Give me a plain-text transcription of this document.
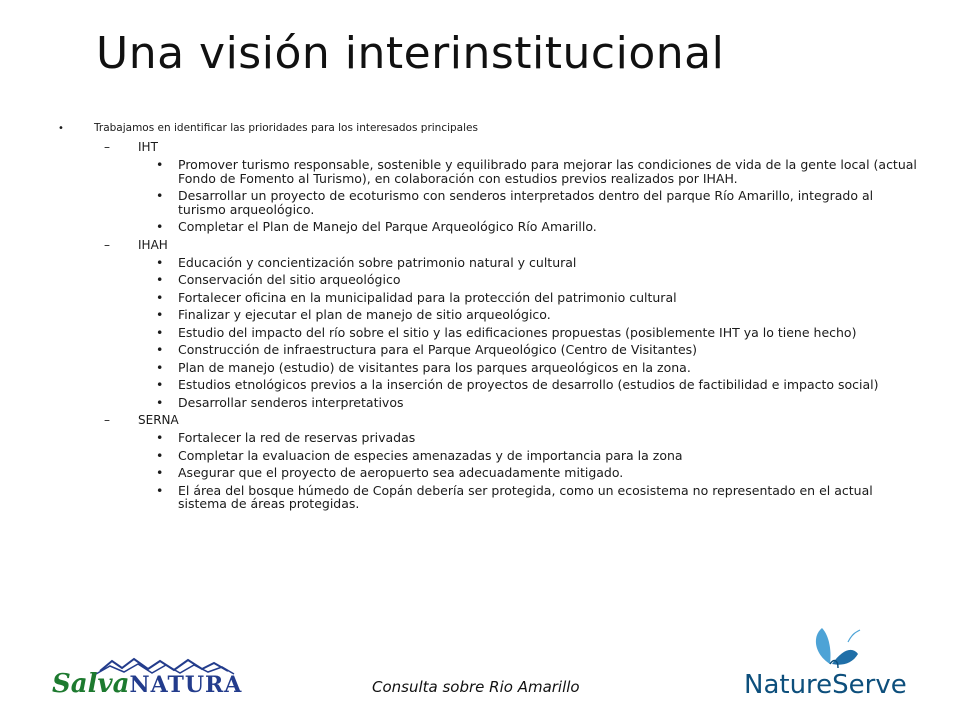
Una visión interinstitucional
•	Trabajamos en identificar las prioridades para los interesados principales
–	IHT
•	Promover turismo responsable, sostenible y equilibrado para mejorar las condiciones de vida de la gente local (actual Fondo de Fomento al Turismo), en colaboración con estudios previos realizados por IHAH.
•	Desarrollar un proyecto de ecoturismo con senderos interpretados dentro del parque Río Amarillo, integrado al turismo arqueológico.
•	Completar el Plan de Manejo del Parque Arqueológico Río Amarillo.
–	IHAH
•	Educación y concientización sobre patrimonio natural y cultural
•	Conservación del sitio arqueológico
•	Fortalecer oficina en la municipalidad para la protección del patrimonio cultural
•	Finalizar y ejecutar el plan de manejo de sitio arqueológico.
•	Estudio del impacto del río sobre el sitio y las edificaciones propuestas (posiblemente IHT ya lo tiene hecho)
•	Construcción de infraestructura para el Parque Arqueológico (Centro de Visitantes)
•	Plan de manejo (estudio) de visitantes para los parques arqueológicos en la zona.
•	Estudios etnológicos previos a la inserción de proyectos de desarrollo (estudios de factibilidad e impacto social)
•	Desarrollar senderos interpretativos
–	SERNA
•	Fortalecer la red de reservas privadas
•	Completar la evaluacion de especies amenazadas y de importancia para la zona
•	Asegurar que el proyecto de aeropuerto sea adecuadamente mitigado.
•	El área del bosque húmedo de Copán debería ser protegida, como un ecosistema no representado en el actual sistema de áreas protegidas.
SalvaNATURA	Consulta sobre Rio Amarillo	NatureServe
